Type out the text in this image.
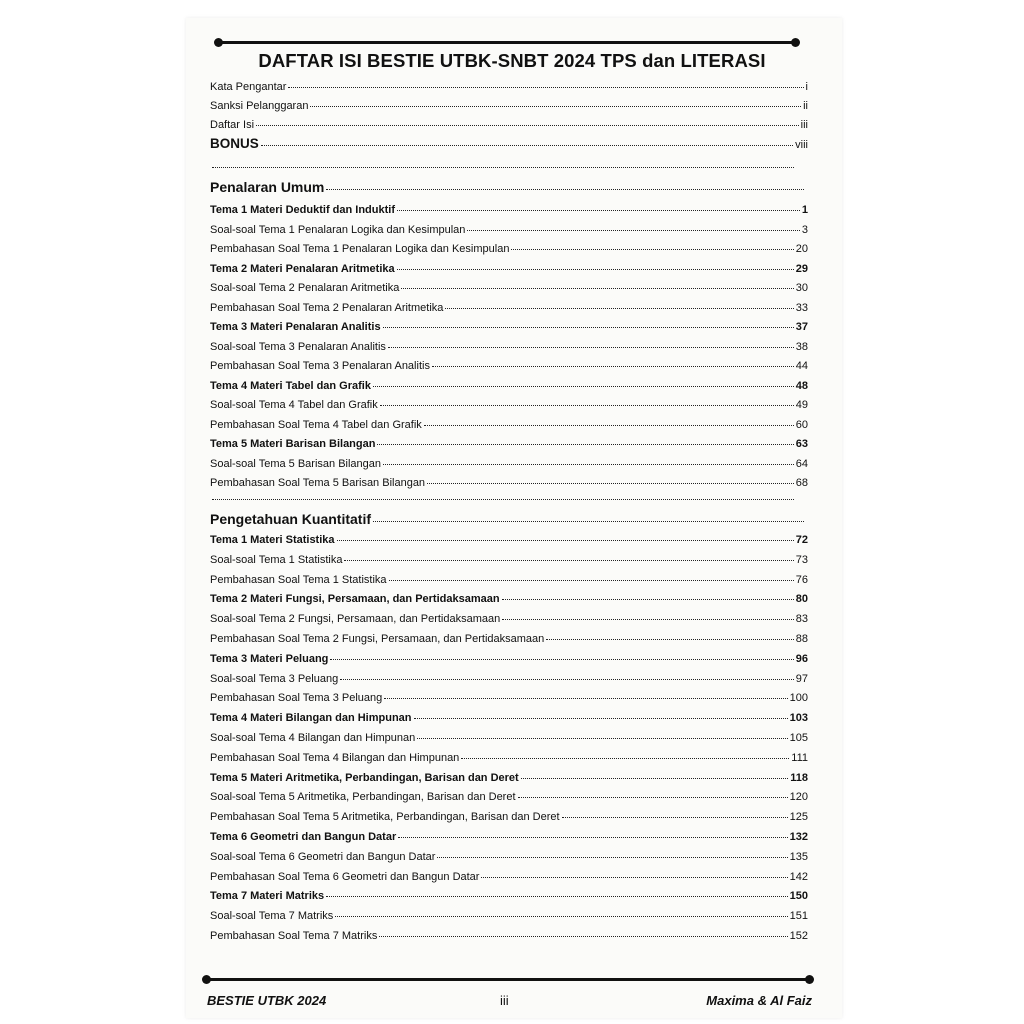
DAFTAR ISI BESTIE UTBK-SNBT 2024 TPS dan LITERASI
Kata Pengantar	i
Sanksi Pelanggaran	ii
Daftar Isi	iii
BONUS	viii
Penalaran Umum
Tema 1 Materi Deduktif dan Induktif	1
Soal-soal Tema 1 Penalaran Logika dan Kesimpulan	3
Pembahasan Soal Tema 1 Penalaran Logika dan Kesimpulan	20
Tema 2 Materi Penalaran Aritmetika	29
Soal-soal Tema 2 Penalaran Aritmetika	30
Pembahasan Soal Tema 2 Penalaran Aritmetika	33
Tema 3 Materi Penalaran Analitis	37
Soal-soal Tema 3 Penalaran Analitis	38
Pembahasan Soal Tema 3 Penalaran Analitis	44
Tema 4 Materi Tabel dan Grafik	48
Soal-soal Tema 4 Tabel dan Grafik	49
Pembahasan Soal Tema 4 Tabel dan Grafik	60
Tema 5 Materi Barisan Bilangan	63
Soal-soal Tema 5 Barisan Bilangan	64
Pembahasan Soal Tema 5 Barisan Bilangan	68
Pengetahuan Kuantitatif
Tema 1 Materi Statistika	72
Soal-soal Tema 1 Statistika	73
Pembahasan Soal Tema 1 Statistika	76
Tema 2 Materi Fungsi, Persamaan, dan Pertidaksamaan	80
Soal-soal Tema 2 Fungsi, Persamaan, dan Pertidaksamaan	83
Pembahasan Soal Tema 2 Fungsi, Persamaan, dan Pertidaksamaan	88
Tema 3 Materi Peluang	96
Soal-soal Tema 3 Peluang	97
Pembahasan Soal Tema 3 Peluang	100
Tema 4 Materi Bilangan dan Himpunan	103
Soal-soal Tema 4 Bilangan dan Himpunan	105
Pembahasan Soal Tema 4 Bilangan dan Himpunan	111
Tema 5 Materi Aritmetika, Perbandingan, Barisan dan Deret	118
Soal-soal Tema 5 Aritmetika, Perbandingan, Barisan dan Deret	120
Pembahasan Soal Tema 5 Aritmetika, Perbandingan, Barisan dan Deret	125
Tema 6 Geometri dan Bangun Datar	132
Soal-soal Tema 6 Geometri dan Bangun Datar	135
Pembahasan Soal Tema 6 Geometri dan Bangun Datar	142
Tema 7 Materi Matriks	150
Soal-soal Tema 7 Matriks	151
Pembahasan Soal Tema 7 Matriks	152
BESTIE UTBK 2024	iii	Maxima & Al Faiz
